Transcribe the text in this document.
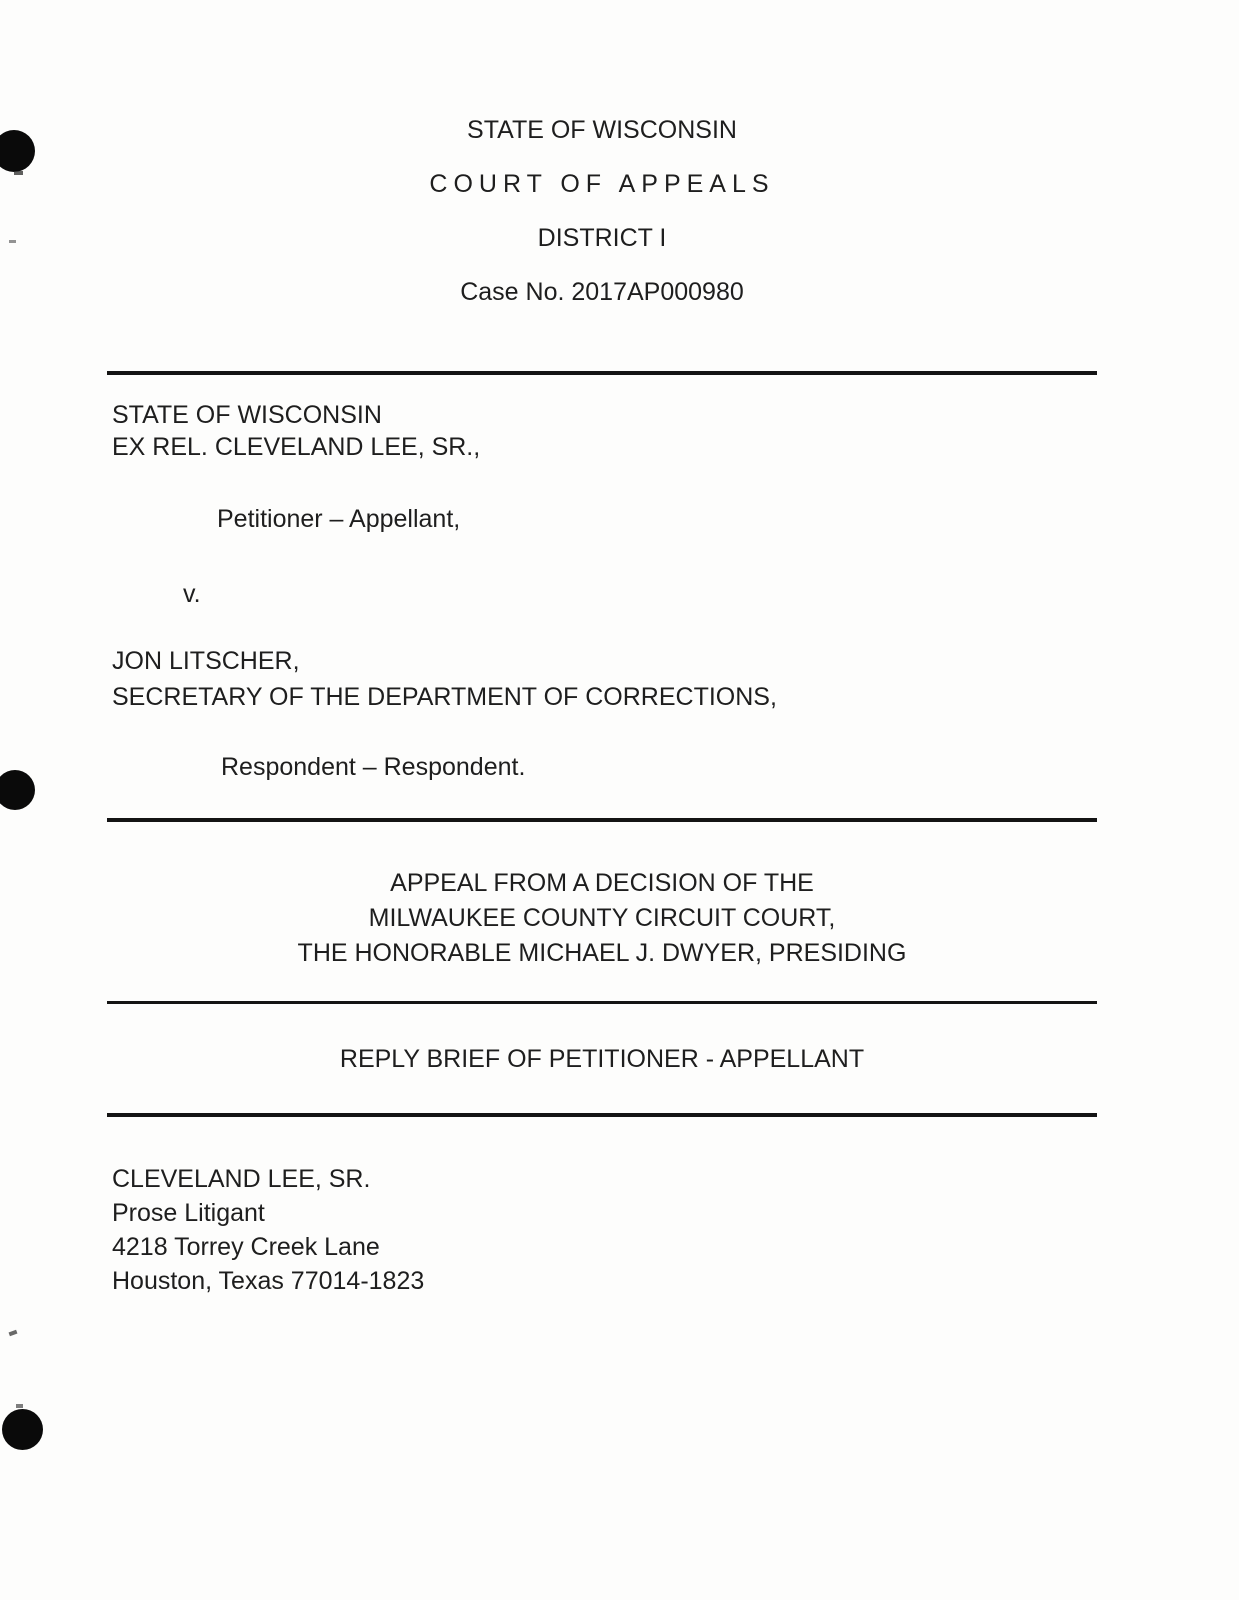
STATE OF WISCONSIN
COURT OF APPEALS
DISTRICT I
Case No. 2017AP000980
STATE OF WISCONSIN
EX REL. CLEVELAND LEE, SR.,
Petitioner – Appellant,
v.
JON LITSCHER,
SECRETARY OF THE DEPARTMENT OF CORRECTIONS,
Respondent – Respondent.
APPEAL FROM A DECISION OF THE
MILWAUKEE COUNTY CIRCUIT COURT,
THE HONORABLE MICHAEL J. DWYER, PRESIDING
REPLY BRIEF OF PETITIONER - APPELLANT
CLEVELAND LEE, SR.
Prose Litigant
4218 Torrey Creek Lane
Houston, Texas 77014-1823
